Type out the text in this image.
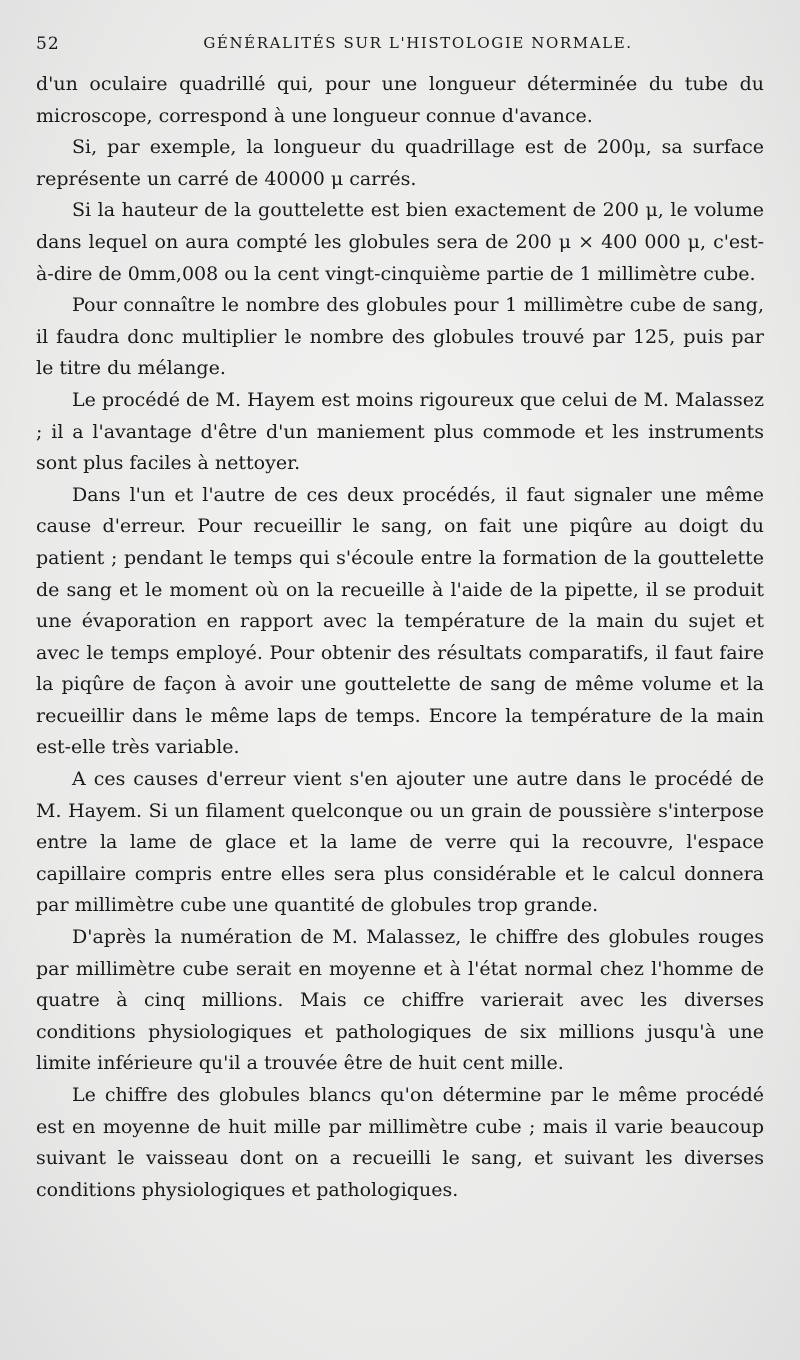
52	GÉNÉRALITÉS SUR L'HISTOLOGIE NORMALE.

d'un oculaire quadrillé qui, pour une longueur déterminée du tube du microscope, correspond à une longueur connue d'avance.

Si, par exemple, la longueur du quadrillage est de 200μ, sa surface représente un carré de 40000 μ carrés.

Si la hauteur de la gouttelette est bien exactement de 200 μ, le volume dans lequel on aura compté les globules sera de 200 μ × 400 000 μ, c'est-à-dire de 0mm,008 ou la cent vingt-cinquième partie de 1 millimètre cube.

Pour connaître le nombre des globules pour 1 millimètre cube de sang, il faudra donc multiplier le nombre des globules trouvé par 125, puis par le titre du mélange.

Le procédé de M. Hayem est moins rigoureux que celui de M. Malassez ; il a l'avantage d'être d'un maniement plus commode et les instruments sont plus faciles à nettoyer.

Dans l'un et l'autre de ces deux procédés, il faut signaler une même cause d'erreur. Pour recueillir le sang, on fait une piqûre au doigt du patient ; pendant le temps qui s'écoule entre la formation de la gouttelette de sang et le moment où on la recueille à l'aide de la pipette, il se produit une évaporation en rapport avec la température de la main du sujet et avec le temps employé. Pour obtenir des résultats comparatifs, il faut faire la piqûre de façon à avoir une gouttelette de sang de même volume et la recueillir dans le même laps de temps. Encore la température de la main est-elle très variable.

A ces causes d'erreur vient s'en ajouter une autre dans le procédé de M. Hayem. Si un filament quelconque ou un grain de poussière s'interpose entre la lame de glace et la lame de verre qui la recouvre, l'espace capillaire compris entre elles sera plus considérable et le calcul donnera par millimètre cube une quantité de globules trop grande.

D'après la numération de M. Malassez, le chiffre des globules rouges par millimètre cube serait en moyenne et à l'état normal chez l'homme de quatre à cinq millions. Mais ce chiffre varierait avec les diverses conditions physiologiques et pathologiques de six millions jusqu'à une limite inférieure qu'il a trouvée être de huit cent mille.

Le chiffre des globules blancs qu'on détermine par le même procédé est en moyenne de huit mille par millimètre cube ; mais il varie beaucoup suivant le vaisseau dont on a recueilli le sang, et suivant les diverses conditions physiologiques et pathologiques.
